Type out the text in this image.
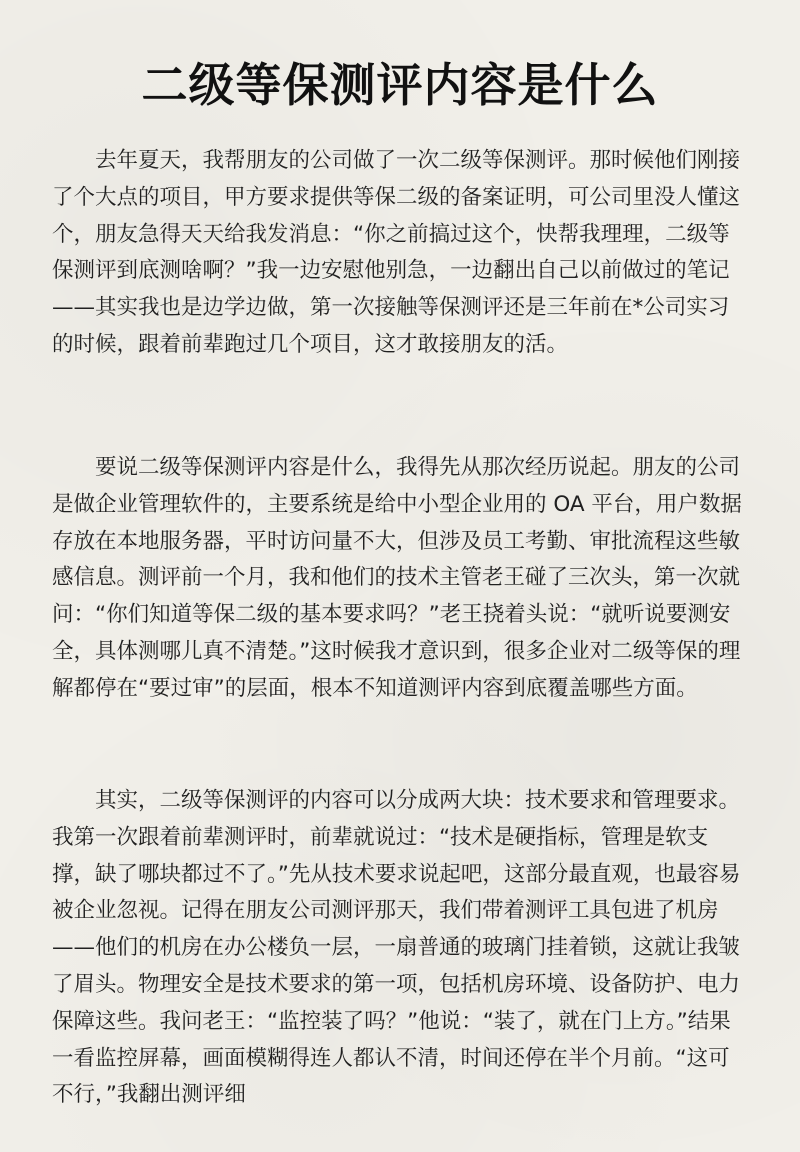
二级等保测评内容是什么

去年夏天，我帮朋友的公司做了一次二级等保测评。那时候他们刚接了个大点的项目，甲方要求提供等保二级的备案证明，可公司里没人懂这个，朋友急得天天给我发消息：“你之前搞过这个，快帮我理理，二级等保测评到底测啥啊？”我一边安慰他别急，一边翻出自己以前做过的笔记——其实我也是边学边做，第一次接触等保测评还是三年前在*公司实习的时候，跟着前辈跑过几个项目，这才敢接朋友的活。

要说二级等保测评内容是什么，我得先从那次经历说起。朋友的公司是做企业管理软件的，主要系统是给中小型企业用的 OA 平台，用户数据存放在本地服务器，平时访问量不大，但涉及员工考勤、审批流程这些敏感信息。测评前一个月，我和他们的技术主管老王碰了三次头，第一次就问：“你们知道等保二级的基本要求吗？”老王挠着头说：“就听说要测安全，具体测哪儿真不清楚。”这时候我才意识到，很多企业对二级等保的理解都停在“要过审”的层面，根本不知道测评内容到底覆盖哪些方面。

其实，二级等保测评的内容可以分成两大块：技术要求和管理要求。我第一次跟着前辈测评时，前辈就说过：“技术是硬指标，管理是软支撑，缺了哪块都过不了。”先从技术要求说起吧，这部分最直观，也最容易被企业忽视。记得在朋友公司测评那天，我们带着测评工具包进了机房——他们的机房在办公楼负一层，一扇普通的玻璃门挂着锁，这就让我皱了眉头。物理安全是技术要求的第一项，包括机房环境、设备防护、电力保障这些。我问老王：“监控装了吗？”他说：“装了，就在门上方。”结果一看监控屏幕，画面模糊得连人都认不清，时间还停在半个月前。“这可不行，”我翻出测评细
